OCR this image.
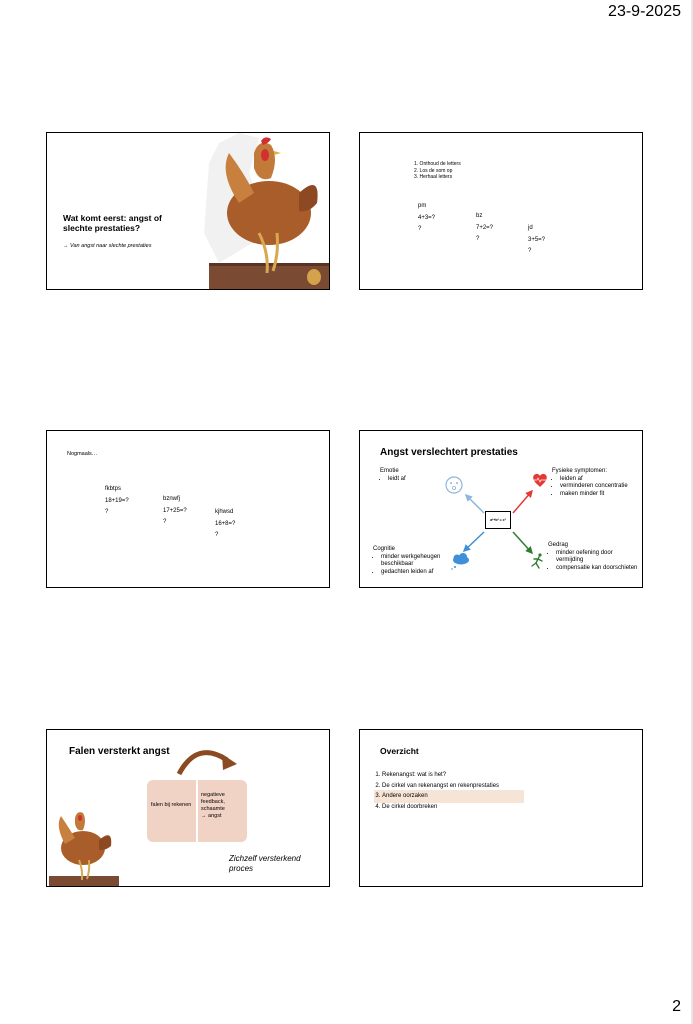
23-9-2025
Wat komt eerst: angst of slechte prestaties?
→ Van angst naar slechte prestaties
·
1. Onthoud de letters
2. Los de som op
3. Herhaal letters
pm
4+3=?
?
bz
7+2=?
?
jd
3+5=?
?
·
Nogmaals…
fkbtps
18+19=?
?
bznwfj
17+25=?
?
kjhwsd
16+8=?
?
·
Angst verslechtert prestaties
Emotie
• leidt af
Fysieke symptomen:
• leiden af
• verminderen concentratie
• maken minder fit
Cognitie
• minder werkgeheugen beschikbaar
• gedachten leiden af
Gedrag
• minder oefening door vermijding
• compensatie kan doorschieten
a²+b² = c²
·
Falen versterkt angst
falen bij rekenen
negatieve feedback, schaamte
→ angst
Zichzelf versterkend proces
·
Overzicht
1. Rekenangst: wat is het?
2. De cirkel van rekenangst en rekenprestaties
3. Andere oorzaken
4. De cirkel doorbreken
·
2
